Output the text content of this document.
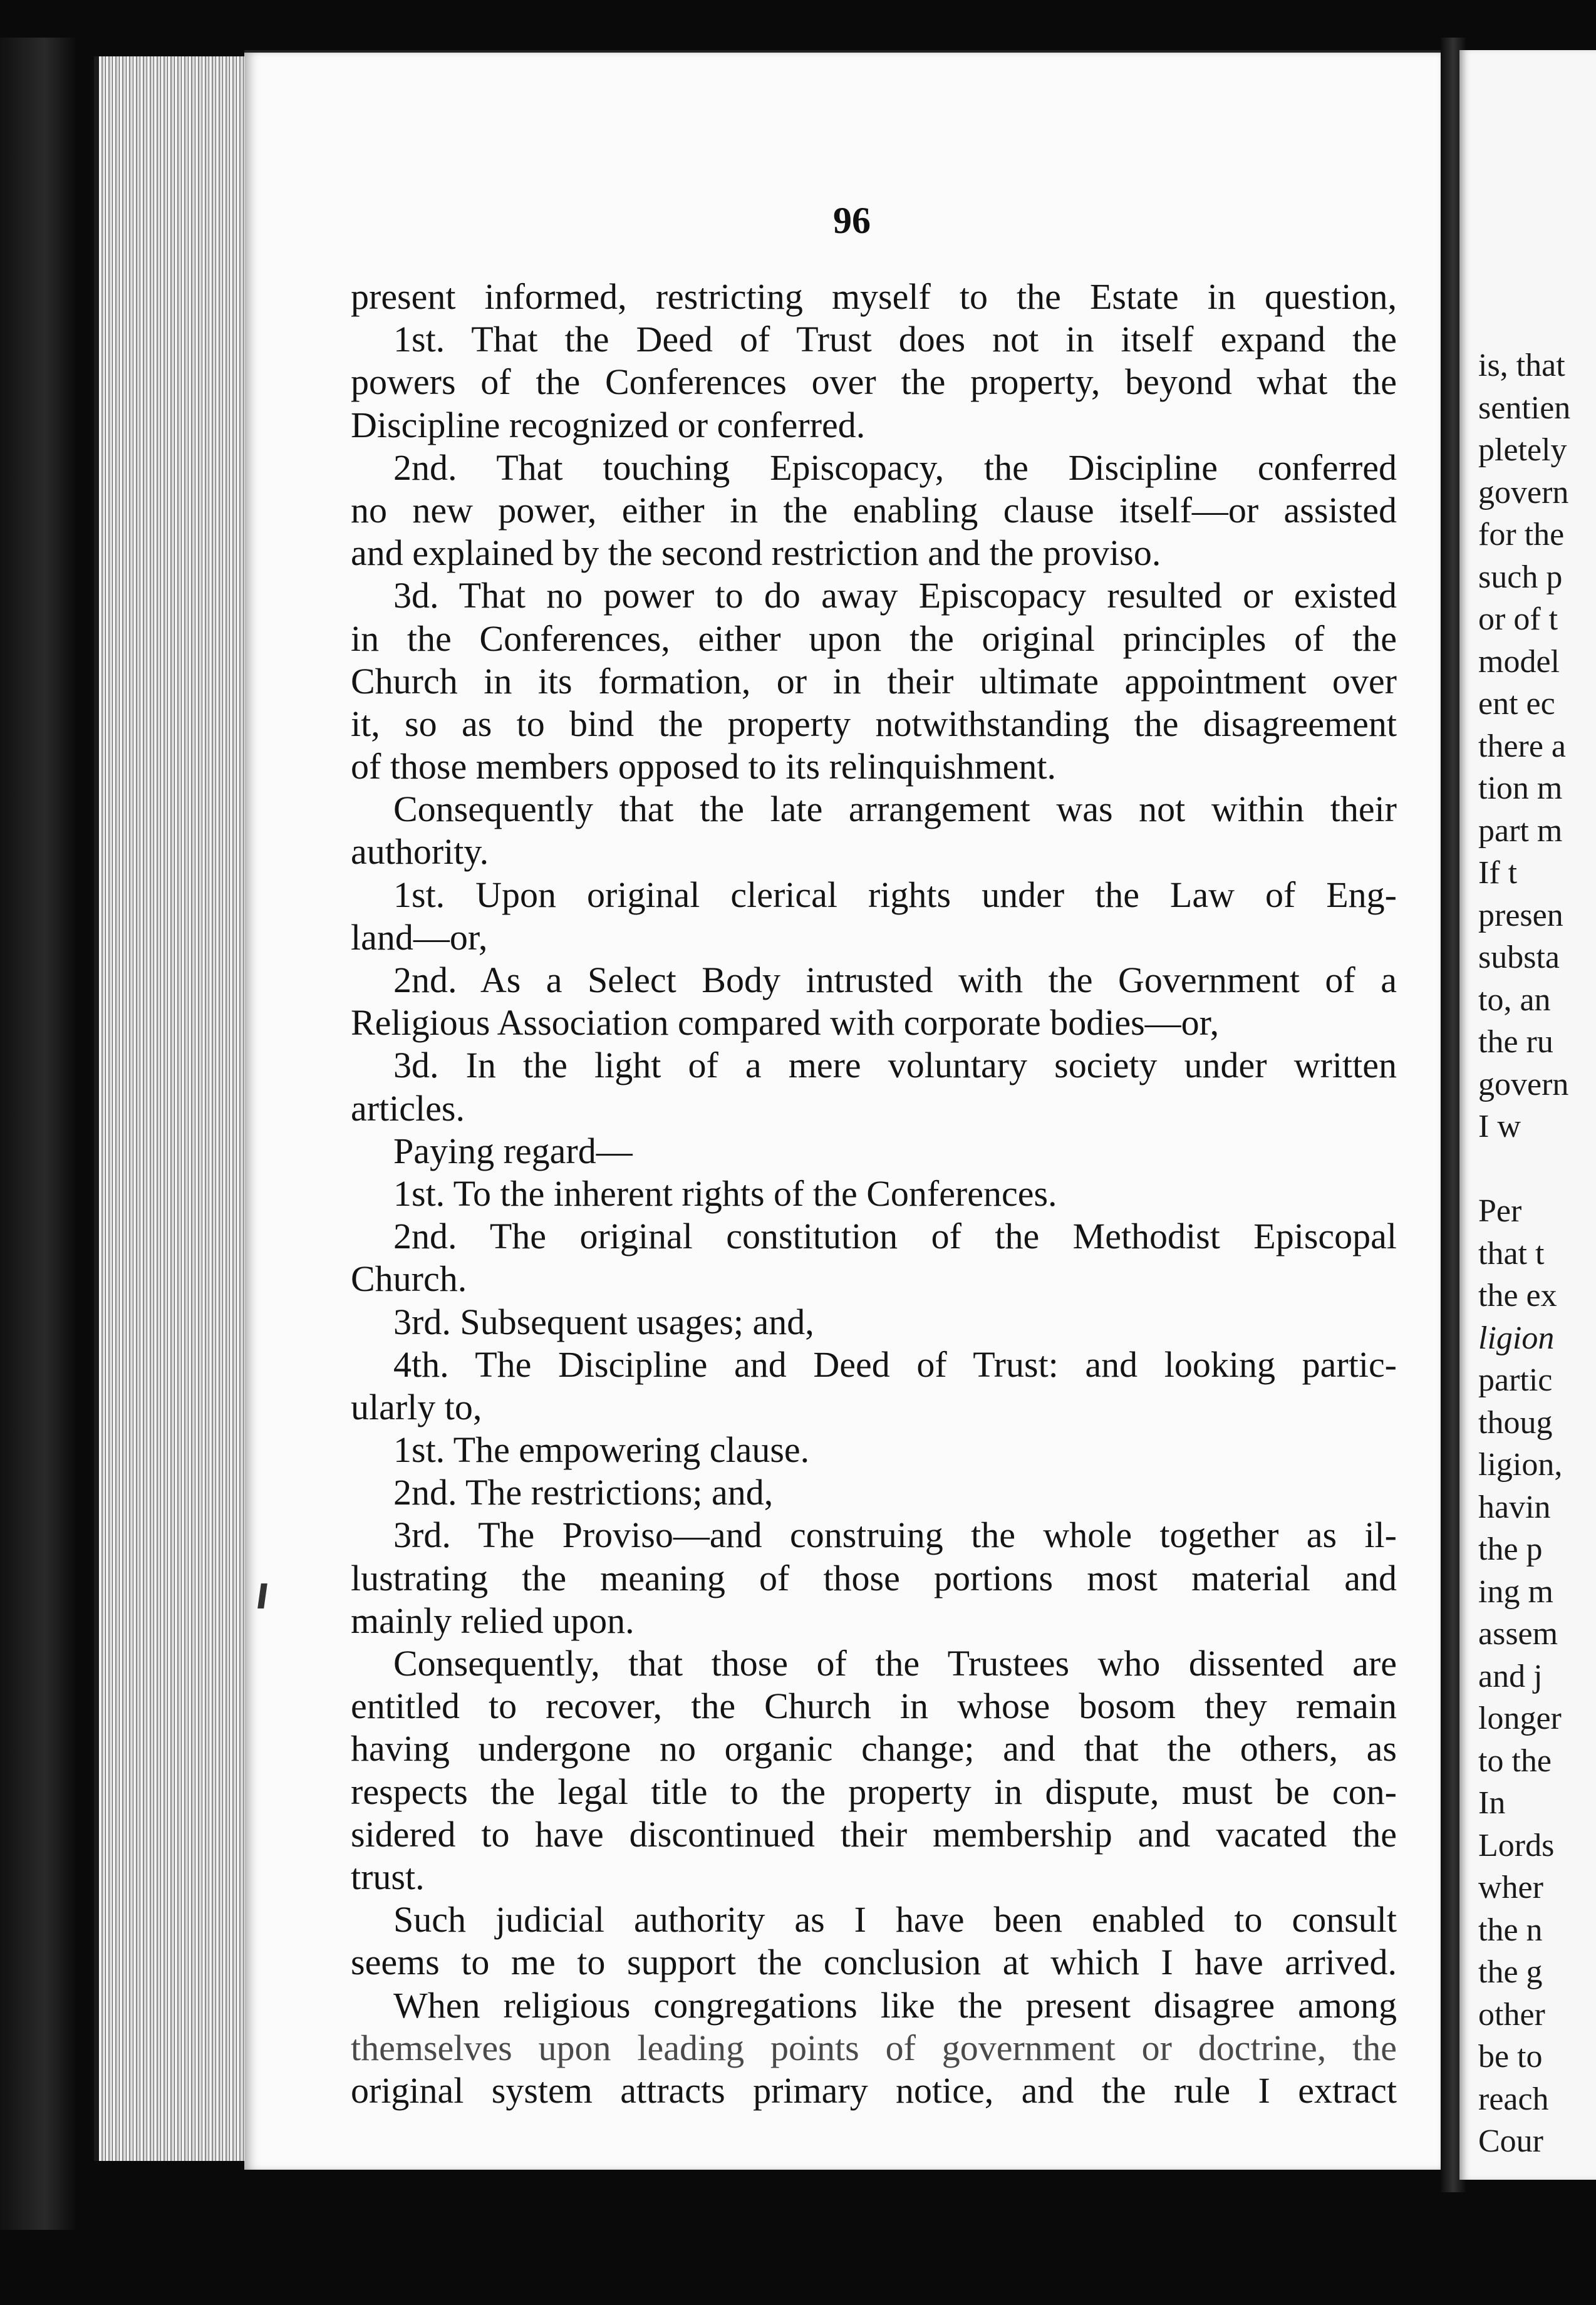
96
present informed, restricting myself to the Estate in question,
1st. That the Deed of Trust does not in itself expand the
powers of the Conferences over the property, beyond what the
Discipline recognized or conferred.
2nd. That touching Episcopacy, the Discipline conferred
no new power, either in the enabling clause itself—or assisted
and explained by the second restriction and the proviso.
3d. That no power to do away Episcopacy resulted or existed
in the Conferences, either upon the original principles of the
Church in its formation, or in their ultimate appointment over
it, so as to bind the property notwithstanding the disagreement
of those members opposed to its relinquishment.
Consequently that the late arrangement was not within their
authority.
1st. Upon original clerical rights under the Law of Eng-
land—or,
2nd. As a Select Body intrusted with the Government of a
Religious Association compared with corporate bodies—or,
3d. In the light of a mere voluntary society under written
articles.
Paying regard—
1st. To the inherent rights of the Conferences.
2nd. The original constitution of the Methodist Episcopal
Church.
3rd. Subsequent usages; and,
4th. The Discipline and Deed of Trust: and looking partic-
ularly to,
1st. The empowering clause.
2nd. The restrictions; and,
3rd. The Proviso—and construing the whole together as il-
lustrating the meaning of those portions most material and
mainly relied upon.
Consequently, that those of the Trustees who dissented are
entitled to recover, the Church in whose bosom they remain
having undergone no organic change; and that the others, as
respects the legal title to the property in dispute, must be con-
sidered to have discontinued their membership and vacated the
trust.
Such judicial authority as I have been enabled to consult
seems to me to support the conclusion at which I have arrived.
When religious congregations like the present disagree among
themselves upon leading points of government or doctrine, the
original system attracts primary notice, and the rule I extract
is, that
sentien
pletely
govern
for the
such p
or of t
model
ent ec
there a
tion m
part m
If t
presen
substa
to, an
the ru
govern
I w
Per
that t
the ex
ligion
partic
thoug
ligion,
havin
the p
ing m
assem
and j
longer
to the
In
Lords
wher
the n
the g
other
be to
reach
Cour
